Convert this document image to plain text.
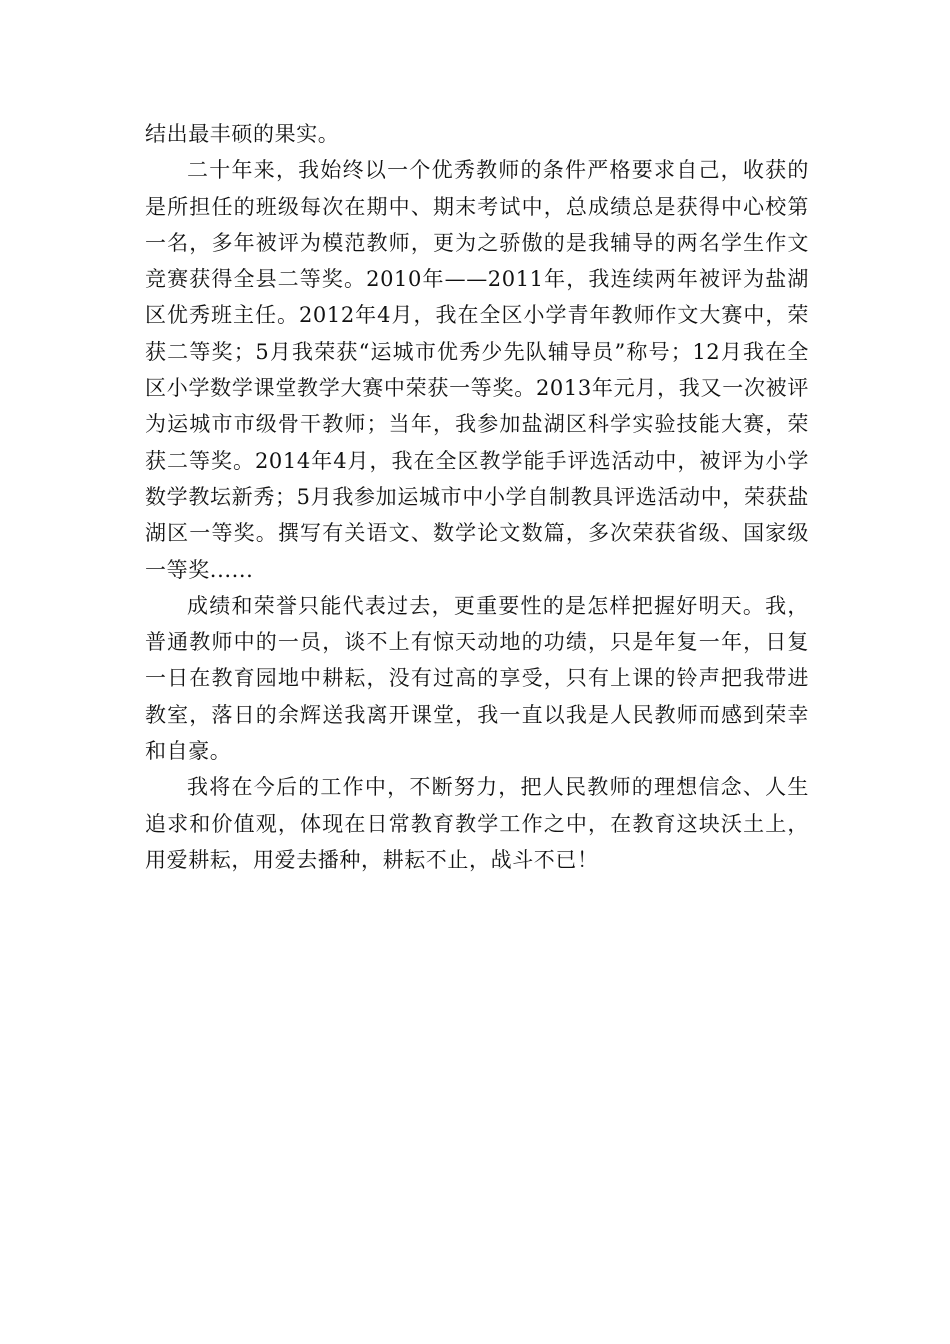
结出最丰硕的果实。

二十年来，我始终以一个优秀教师的条件严格要求自己，收获的是所担任的班级每次在期中、期末考试中，总成绩总是获得中心校第一名，多年被评为模范教师，更为之骄傲的是我辅导的两名学生作文竞赛获得全县二等奖。2010年——2011年，我连续两年被评为盐湖区优秀班主任。2012年4月，我在全区小学青年教师作文大赛中，荣获二等奖；5月我荣获“运城市优秀少先队辅导员”称号；12月我在全区小学数学课堂教学大赛中荣获一等奖。2013年元月，我又一次被评为运城市市级骨干教师；当年，我参加盐湖区科学实验技能大赛，荣获二等奖。2014年4月，我在全区教学能手评选活动中，被评为小学数学教坛新秀；5月我参加运城市中小学自制教具评选活动中，荣获盐湖区一等奖。撰写有关语文、数学论文数篇，多次荣获省级、国家级一等奖......

成绩和荣誉只能代表过去，更重要性的是怎样把握好明天。我，普通教师中的一员，谈不上有惊天动地的功绩，只是年复一年，日复一日在教育园地中耕耘，没有过高的享受，只有上课的铃声把我带进教室，落日的余辉送我离开课堂，我一直以我是人民教师而感到荣幸和自豪。

我将在今后的工作中，不断努力，把人民教师的理想信念、人生追求和价值观，体现在日常教育教学工作之中，在教育这块沃土上，用爱耕耘，用爱去播种，耕耘不止，战斗不已！
